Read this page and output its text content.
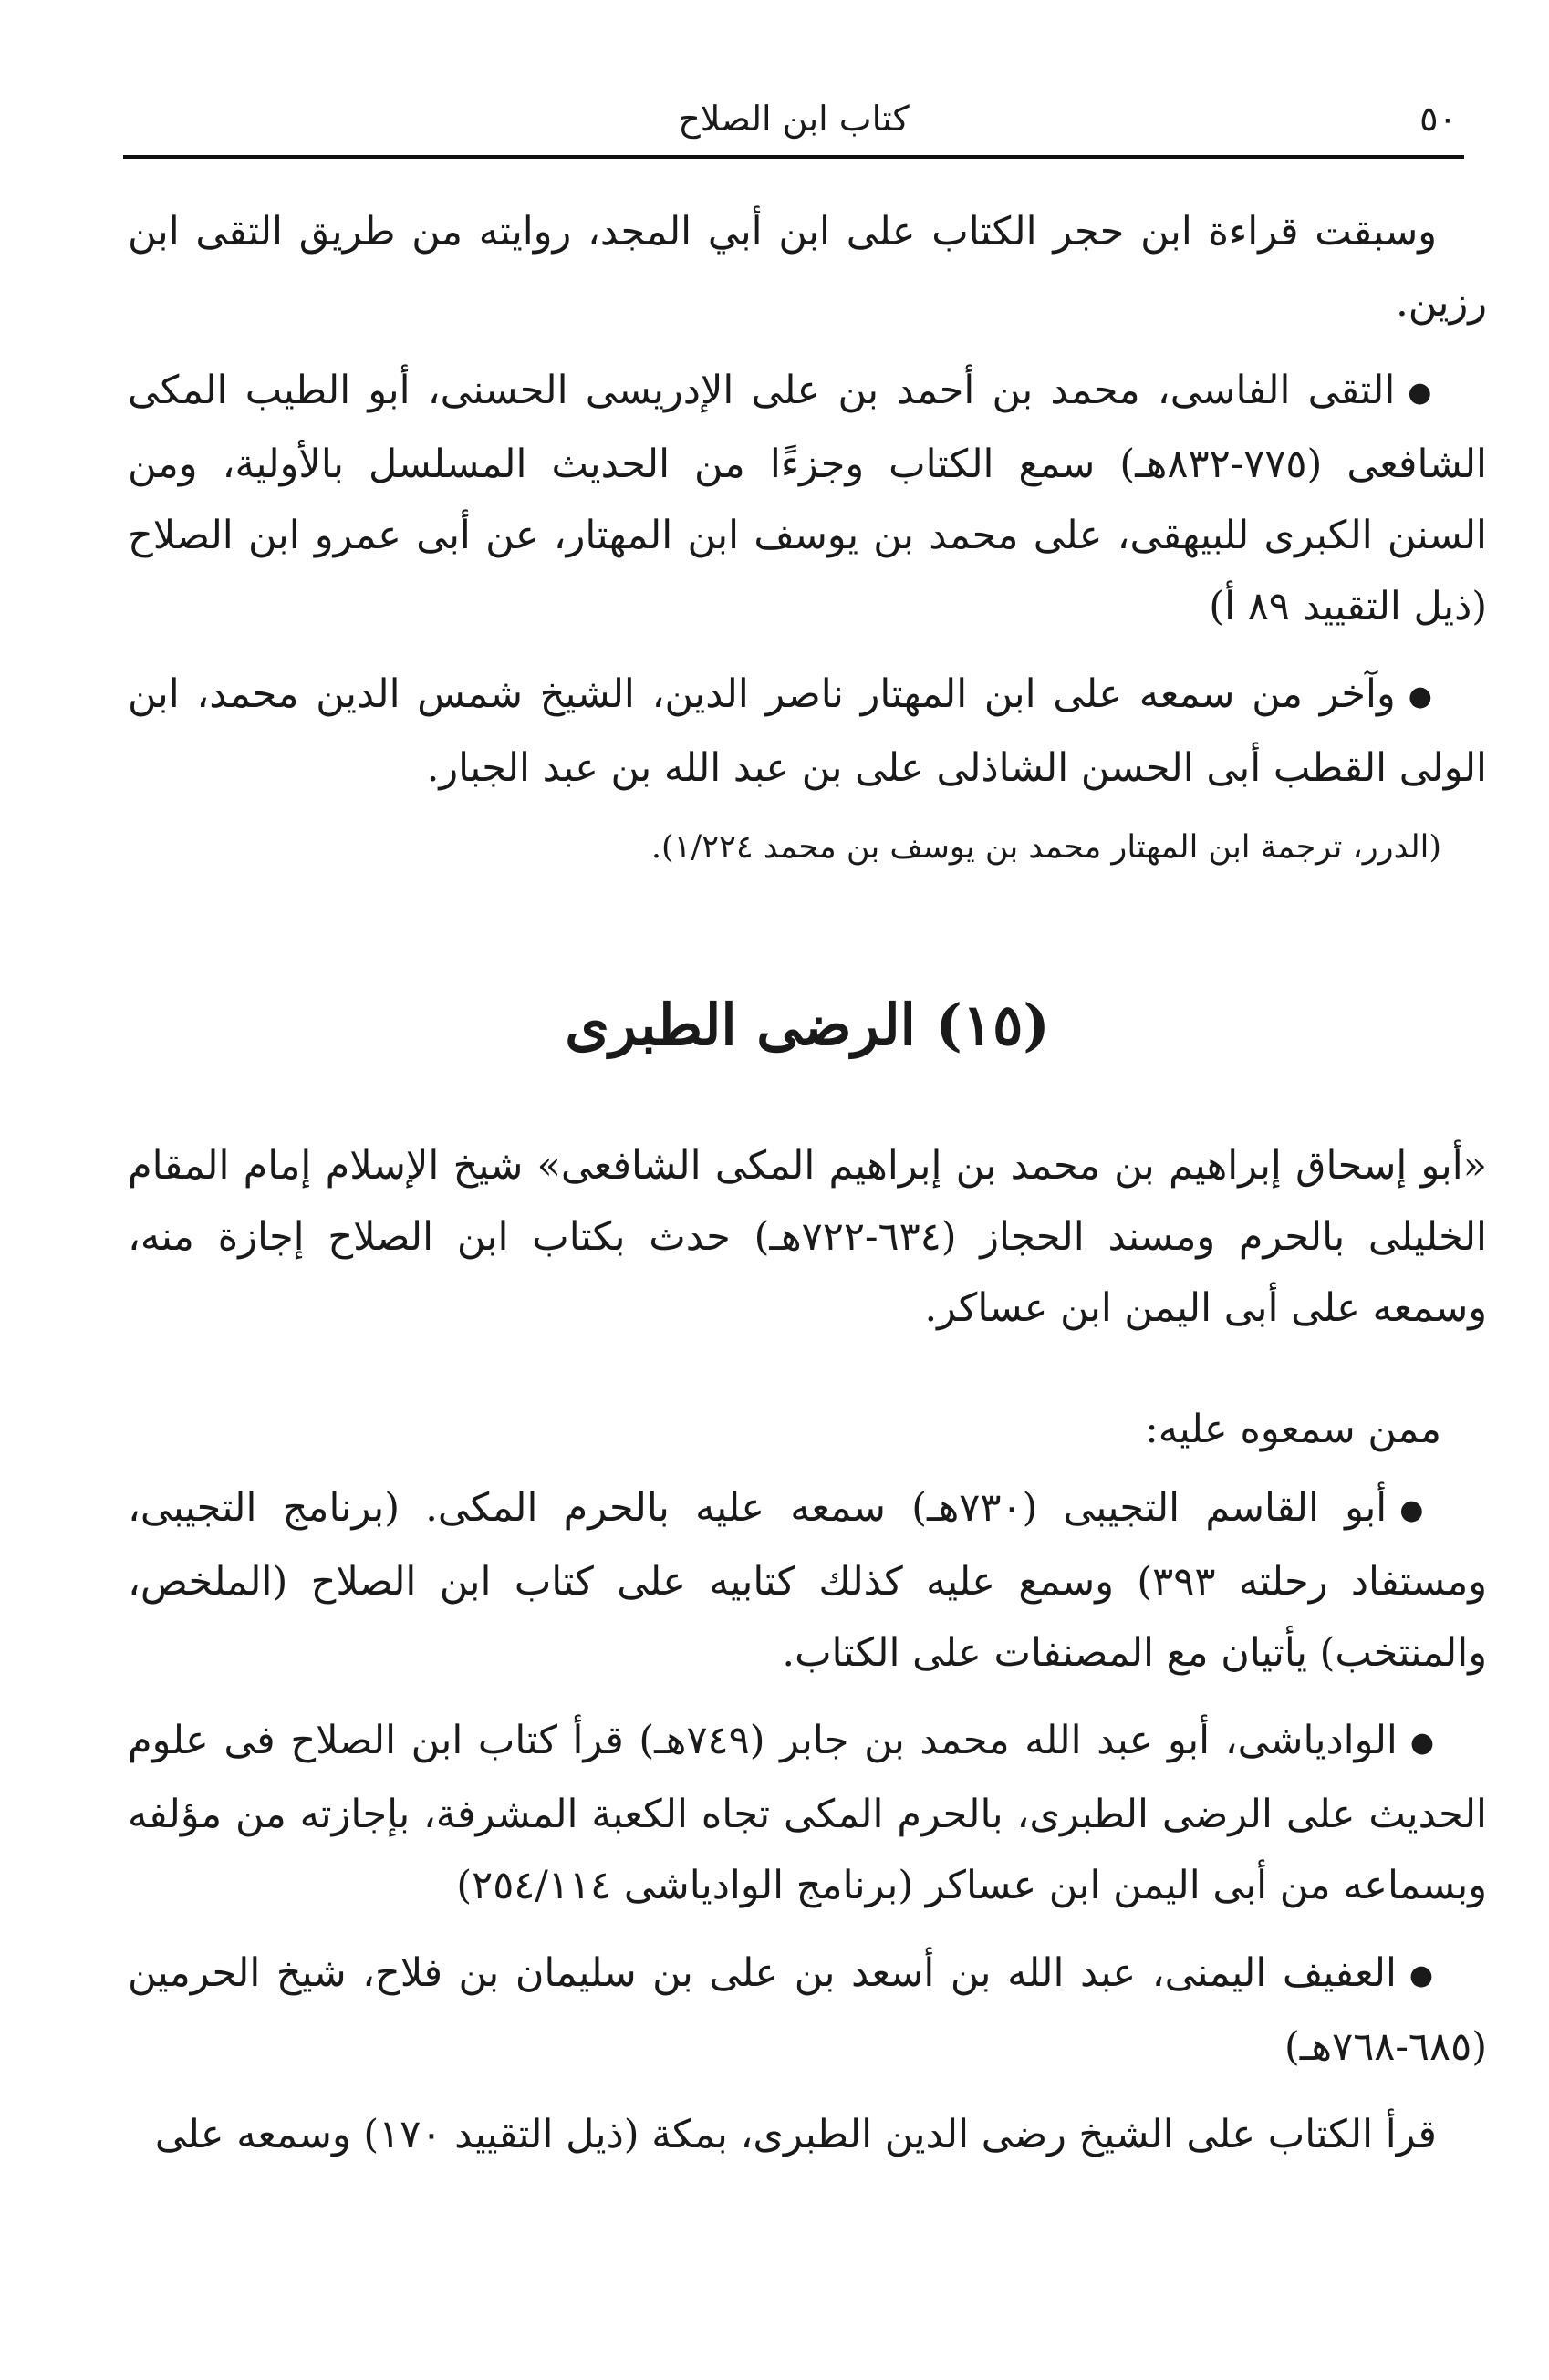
٥٠
كتاب ابن الصلاح

وسبقت قراءة ابن حجر الكتاب على ابن أبي المجد، روايته من طريق التقى ابن رزين.

●التقى الفاسى، محمد بن أحمد بن على الإدريسى الحسنى، أبو الطيب المكى الشافعى (٧٧٥-٨٣٢هـ) سمع الكتاب وجزءًا من الحديث المسلسل بالأولية، ومن السنن الكبرى للبيهقى، على محمد بن يوسف ابن المهتار، عن أبى عمرو ابن الصلاح (ذيل التقييد ٨٩ أ)

●وآخر من سمعه على ابن المهتار ناصر الدين، الشيخ شمس الدين محمد، ابن الولى القطب أبى الحسن الشاذلى على بن عبد الله بن عبد الجبار.

(الدرر، ترجمة ابن المهتار محمد بن يوسف بن محمد ١/٢٢٤).

(١٥) الرضى الطبرى

«أبو إسحاق إبراهيم بن محمد بن إبراهيم المكى الشافعى» شيخ الإسلام إمام المقام الخليلى بالحرم ومسند الحجاز (٦٣٤-٧٢٢هـ) حدث بكتاب ابن الصلاح إجازة منه، وسمعه على أبى اليمن ابن عساكر.

ممن سمعوه عليه:

●أبو القاسم التجيبى (٧٣٠هـ) سمعه عليه بالحرم المكى. (برنامج التجيبى، ومستفاد رحلته ٣٩٣) وسمع عليه كذلك كتابيه على كتاب ابن الصلاح (الملخص، والمنتخب) يأتيان مع المصنفات على الكتاب.

●الوادياشى، أبو عبد الله محمد بن جابر (٧٤٩هـ) قرأ كتاب ابن الصلاح فى علوم الحديث على الرضى الطبرى، بالحرم المكى تجاه الكعبة المشرفة، بإجازته من مؤلفه وبسماعه من أبى اليمن ابن عساكر (برنامج الوادياشى ٢٥٤/١١٤)

●العفيف اليمنى، عبد الله بن أسعد بن على بن سليمان بن فلاح، شيخ الحرمين (٦٨٥-٧٦٨هـ)

قرأ الكتاب على الشيخ رضى الدين الطبرى، بمكة (ذيل التقييد ١٧٠) وسمعه على
